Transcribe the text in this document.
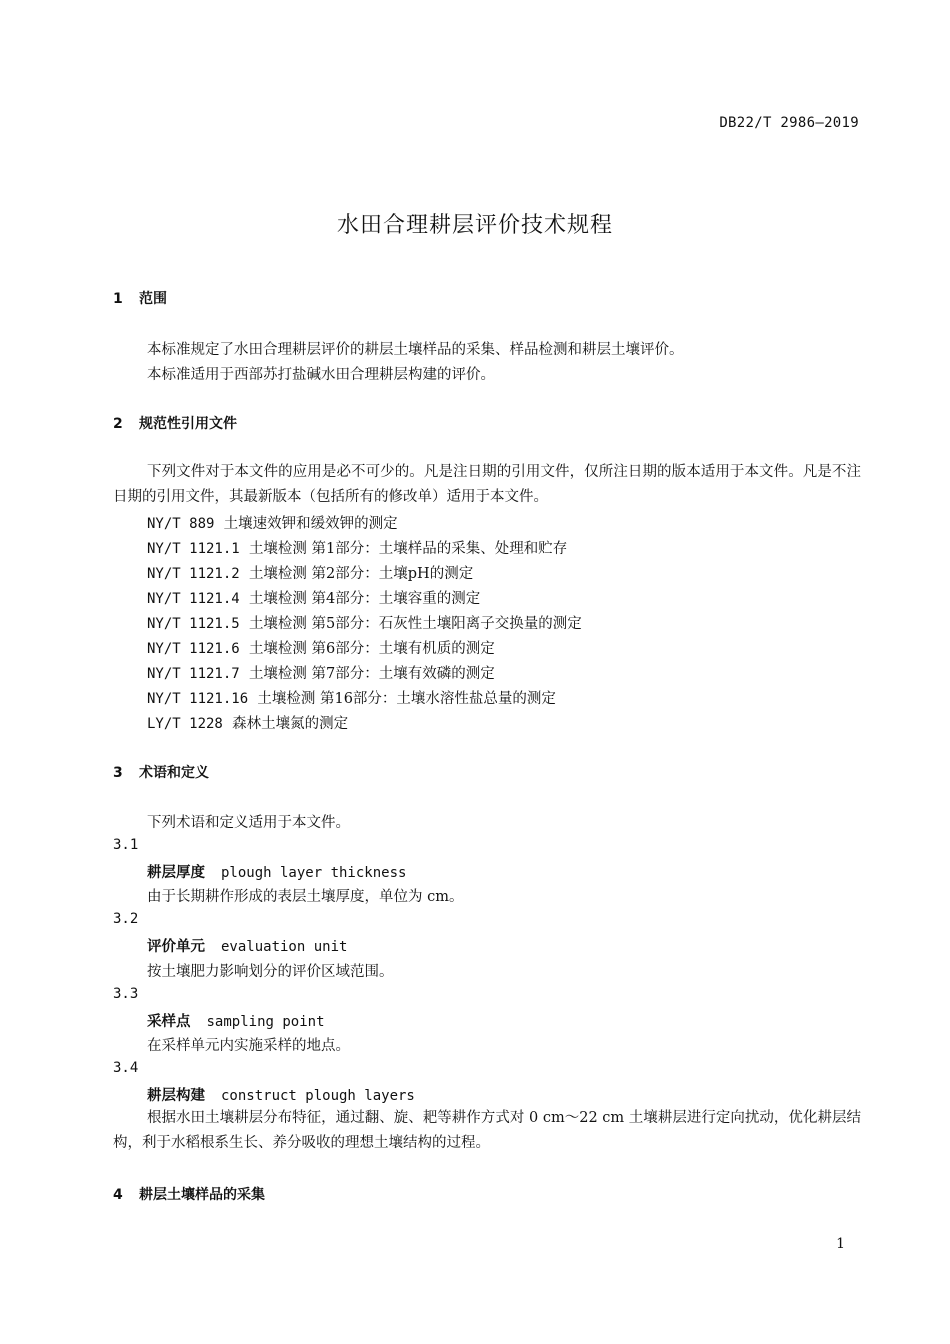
DB22/T 2986—2019
水田合理耕层评价技术规程
1 范围
本标准规定了水田合理耕层评价的耕层土壤样品的采集、样品检测和耕层土壤评价。
本标准适用于西部苏打盐碱水田合理耕层构建的评价。
2 规范性引用文件
下列文件对于本文件的应用是必不可少的。凡是注日期的引用文件，仅所注日期的版本适用于本文件。凡是不注日期的引用文件，其最新版本（包括所有的修改单）适用于本文件。
NY/T 889 土壤速效钾和缓效钾的测定
NY/T 1121.1 土壤检测 第1部分：土壤样品的采集、处理和贮存
NY/T 1121.2 土壤检测 第2部分：土壤pH的测定
NY/T 1121.4 土壤检测 第4部分：土壤容重的测定
NY/T 1121.5 土壤检测 第5部分：石灰性土壤阳离子交换量的测定
NY/T 1121.6 土壤检测 第6部分：土壤有机质的测定
NY/T 1121.7 土壤检测 第7部分：土壤有效磷的测定
NY/T 1121.16 土壤检测 第16部分：土壤水溶性盐总量的测定
LY/T 1228 森林土壤氮的测定
3 术语和定义
下列术语和定义适用于本文件。
3.1
耕层厚度 plough layer thickness
由于长期耕作形成的表层土壤厚度，单位为 cm。
3.2
评价单元 evaluation unit
按土壤肥力影响划分的评价区域范围。
3.3
采样点 sampling point
在采样单元内实施采样的地点。
3.4
耕层构建 construct plough layers
根据水田土壤耕层分布特征，通过翻、旋、耙等耕作方式对 0 cm～22 cm 土壤耕层进行定向扰动，优化耕层结构，利于水稻根系生长、养分吸收的理想土壤结构的过程。
4 耕层土壤样品的采集
1
